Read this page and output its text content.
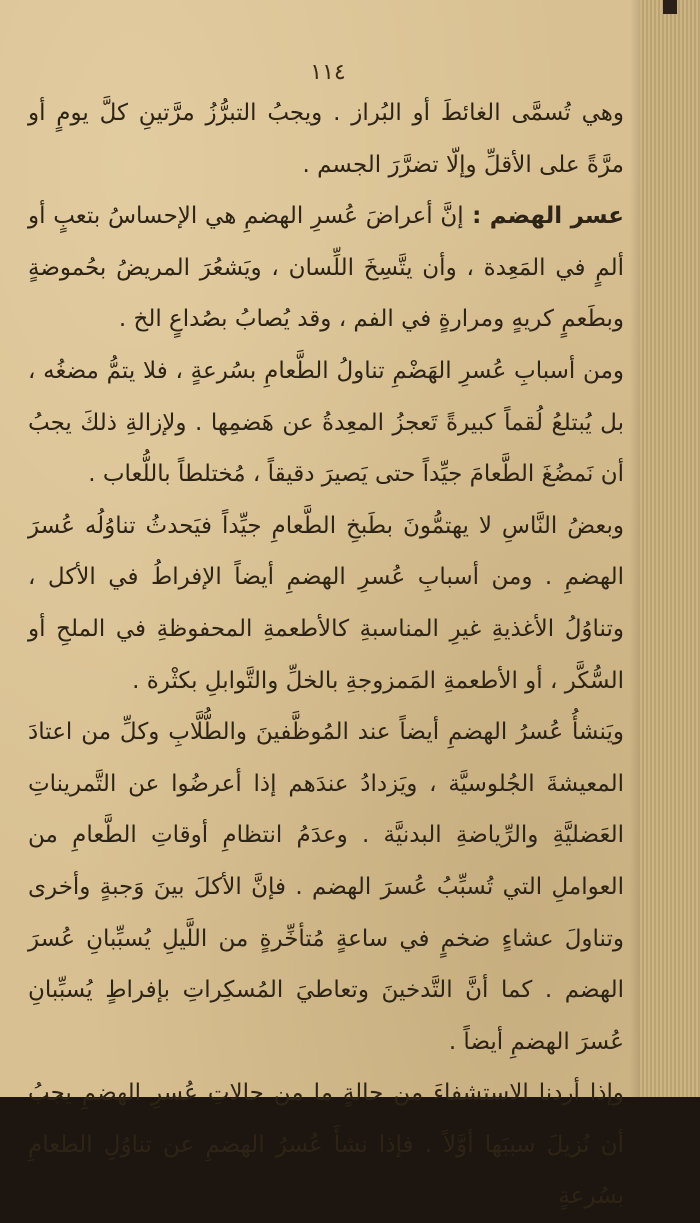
١١٤

وهي تُسمَّى الغائطَ أو البُراز . ويجبُ التبرُّزُ مرَّتينِ كلَّ يومٍ أو مرَّةً على الأقلِّ وإلّا تضرَّرَ الجسم .

عسر الهضم : إنَّ أعراضَ عُسرِ الهضمِ هي الإحساسُ بتعبٍ أو ألمٍ في المَعِدة ، وأن يتَّسِخَ اللِّسان ، ويَشعُرَ المريضُ بحُموضةٍ وبطَعمٍ كريهٍ ومرارةٍ في الفم ، وقد يُصابُ بصُداعٍ الخ .

ومن أسبابِ عُسرِ الهَضْمِ تناولُ الطَّعامِ بسُرعةٍ ، فلا يتمُّ مضغُه ، بل يُبتلعُ لُقماً كبيرةً تَعجزُ المعِدةُ عن هَضمِها . ولإزالةِ ذلكَ يجبُ أن نَمضُغَ الطَّعامَ جيِّداً حتى يَصيرَ دقيقاً ، مُختلطاً باللُّعاب .

وبعضُ النَّاسِ لا يهتمُّونَ بطَبخِ الطَّعامِ جيِّداً فيَحدثُ تناوُلُه عُسرَ الهضمِ . ومن أسبابِ عُسرِ الهضمِ أيضاً الإفراطُ في الأكل ، وتناوُلُ الأغذيةِ غيرِ المناسبةِ كالأطعمةِ المحفوظةِ في الملحِ أو السُّكَّر ، أو الأطعمةِ المَمزوجةِ بالخلِّ والتَّوابلِ بكثْرة .

ويَنشأُ عُسرُ الهضمِ أيضاً عند المُوظَّفينَ والطُّلَّابِ وكلِّ من اعتادَ المعيشةَ الجُلوسيَّة ، ويَزدادُ عندَهم إذا أعرضُوا عن التَّمريناتِ العَضليَّةِ والرِّياضةِ البدنيَّة . وعدَمُ انتظامِ أوقاتِ الطَّعامِ من العواملِ التي تُسبِّبُ عُسرَ الهضم . فإنَّ الأكلَ بينَ وَجبةٍ وأخرى وتناولَ عشاءٍ ضخمٍ في ساعةٍ مُتأخِّرةٍ من اللَّيلِ يُسبِّبانِ عُسرَ الهضم . كما أنَّ التَّدخينَ وتعاطيَ المُسكِراتِ بإفراطٍ يُسبِّبانِ عُسرَ الهضمِ أيضاً .

وإذا أردنا الاستشفاءَ من حالةٍ ما من حالاتِ عُسرِ الهضمِ يجبُ أن نُزيلَ سببَها أوَّلاً . فإذا نشأَ عُسرُ الهضمِ عن تناوُلِ الطعامِ بسُرعةٍ
